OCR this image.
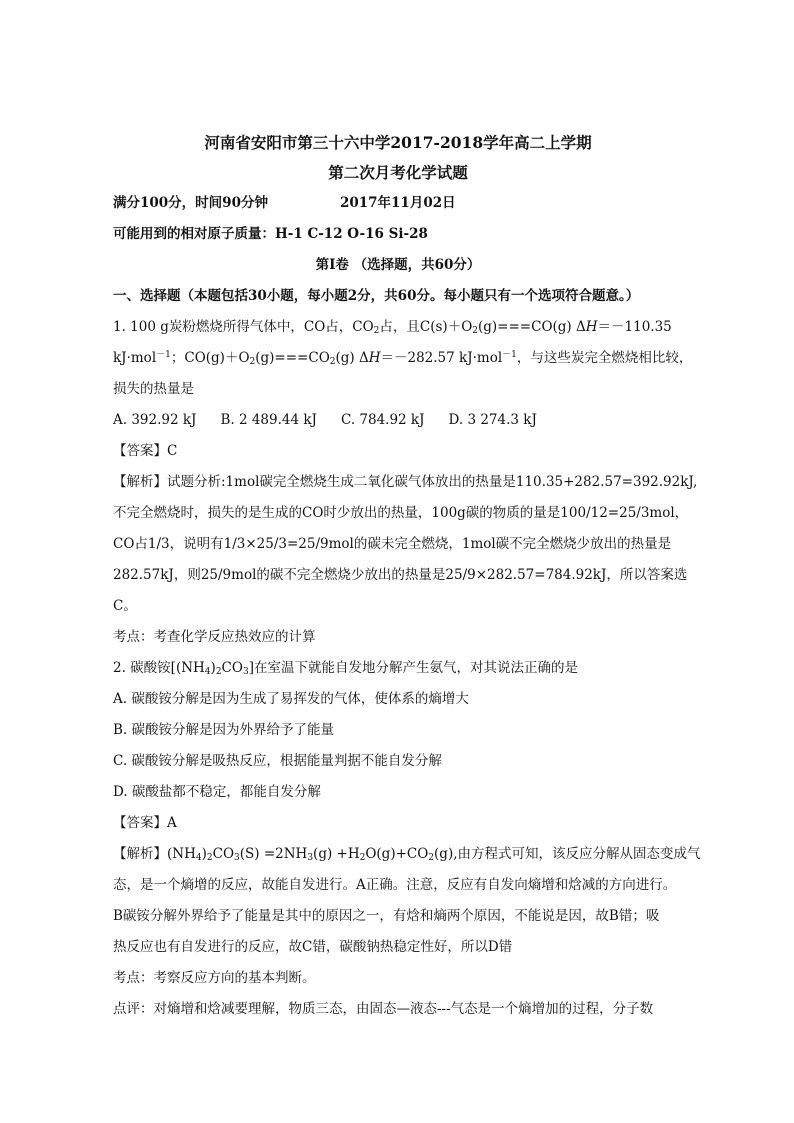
河南省安阳市第三十六中学2017-2018学年高二上学期
第二次月考化学试题
满分100分，时间90分钟	2017年11月02日
可能用到的相对原子质量：H-1 C-12 O-16 Si-28
第I卷 （选择题，共60分）
一、选择题（本题包括30小题，每小题2分，共60分。每小题只有一个选项符合题意。）
1. 100 g炭粉燃烧所得气体中，CO占，$CO_2$占，且$C(s)+O_2(g)===CO(g)$ ΔH＝－110.35
kJ·mol$^{-1}$；$CO(g)+O_2(g)===CO_2(g)$ ΔH＝－282.57 kJ·mol$^{-1}$，与这些炭完全燃烧相比较，
损失的热量是
A. 392.92 kJ B. 2 489.44 kJ C. 784.92 kJ D. 3 274.3 kJ
【答案】C
【解析】试题分析:1mol碳完全燃烧生成二氧化碳气体放出的热量是110.35+282.57=392.92kJ,
不完全燃烧时，损失的是生成的CO时少放出的热量，100g碳的物质的量是100/12=25/3mol，
CO占1/3，说明有1/3×25/3=25/9mol的碳未完全燃烧，1mol碳不完全燃烧少放出的热量是
282.57kJ，则25/9mol的碳不完全燃烧少放出的热量是25/9×282.57=784.92kJ，所以答案选
C。
考点：考查化学反应热效应的计算
2. 碳酸铵$[(NH_4)_2CO_3]$在室温下就能自发地分解产生氨气，对其说法正确的是
A. 碳酸铵分解是因为生成了易挥发的气体，使体系的熵增大
B. 碳酸铵分解是因为外界给予了能量
C. 碳酸铵分解是吸热反应，根据能量判据不能自发分解
D. 碳酸盐都不稳定，都能自发分解
【答案】A
【解析】$(NH_4)_2CO_3(S) =2NH_3(g) +H_2O(g)+CO_2(g)$,由方程式可知，该反应分解从固态变成气
态，是一个熵增的反应，故能自发进行。A正确。注意，反应有自发向熵增和焓减的方向进行。
B碳铵分解外界给予了能量是其中的原因之一，有焓和熵两个原因，不能说是因，故B错；吸
热反应也有自发进行的反应，故C错，碳酸钠热稳定性好，所以D错
考点：考察反应方向的基本判断。
点评：对熵增和焓减要理解，物质三态，由固态—液态---气态是一个熵增加的过程，分子数
